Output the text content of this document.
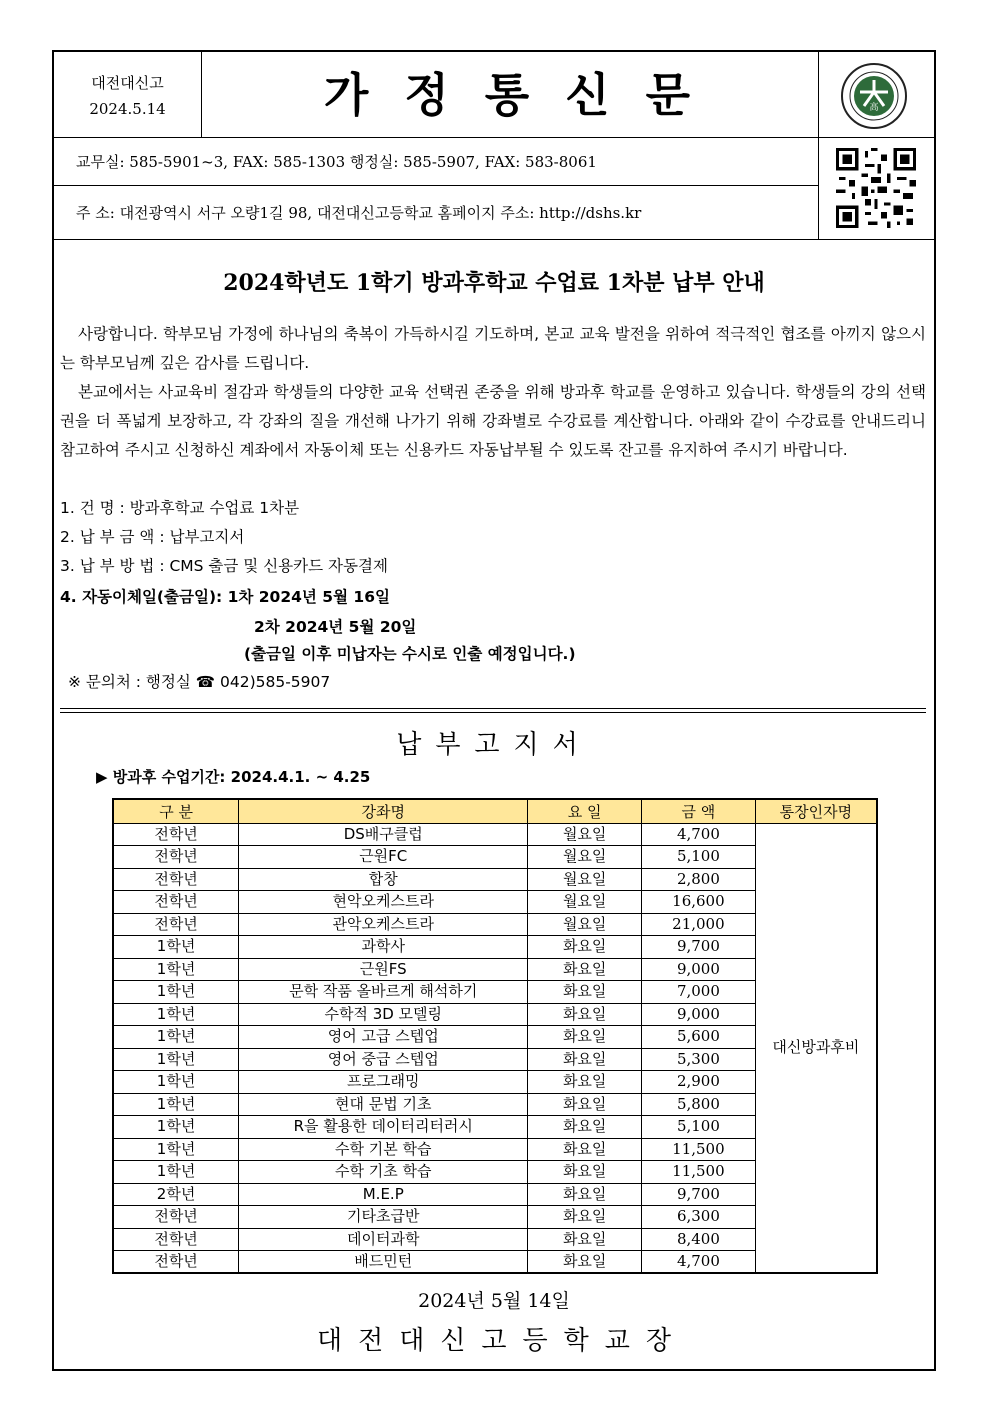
대전대신고
2024.5.14	가정통신문	高
교무실: 585-5901~3, FAX: 585-1303 행정실: 585-5907, FAX: 583-8061
주 소: 대전광역시 서구 오량1길 98, 대전대신고등학교 홈페이지 주소: http://dshs.kr
2024학년도 1학기 방과후학교 수업료 1차분 납부 안내
사랑합니다. 학부모님 가정에 하나님의 축복이 가득하시길 기도하며, 본교 교육 발전을 위하여 적극적인 협조를 아끼지 않으시는 학부모님께 깊은 감사를 드립니다.
본교에서는 사교육비 절감과 학생들의 다양한 교육 선택권 존중을 위해 방과후 학교를 운영하고 있습니다. 학생들의 강의 선택권을 더 폭넓게 보장하고, 각 강좌의 질을 개선해 나가기 위해 강좌별로 수강료를 계산합니다. 아래와 같이 수강료를 안내드리니 참고하여 주시고 신청하신 계좌에서 자동이체 또는 신용카드 자동납부될 수 있도록 잔고를 유지하여 주시기 바랍니다.
1. 건 명 : 방과후학교 수업료 1차분
2. 납 부 금 액 : 납부고지서
3. 납 부 방 법 : CMS 출금 및 신용카드 자동결제
4. 자동이체일(출금일): 1차 2024년 5월 16일
2차 2024년 5월 20일
(출금일 이후 미납자는 수시로 인출 예정입니다.)
※ 문의처 : 행정실 ☎ 042)585-5907
납부고지서
▶ 방과후 수업기간: 2024.4.1. ~ 4.25
구 분	강좌명	요 일	금 액	통장인자명
전학년	DS배구클럽	월요일	4,700	대신방과후비
전학년	근원FC	월요일	5,100	
전학년	합창	월요일	2,800	
전학년	현악오케스트라	월요일	16,600	
전학년	관악오케스트라	월요일	21,000	
1학년	과학사	화요일	9,700	
1학년	근원FS	화요일	9,000	
1학년	문학 작품 올바르게 해석하기	화요일	7,000	
1학년	수학적 3D 모델링	화요일	9,000	
1학년	영어 고급 스텝업	화요일	5,600	
1학년	영어 중급 스텝업	화요일	5,300	
1학년	프로그래밍	화요일	2,900	
1학년	현대 문법 기초	화요일	5,800	
1학년	R을 활용한 데이터리터러시	화요일	5,100	
1학년	수학 기본 학습	화요일	11,500	
1학년	수학 기초 학습	화요일	11,500	
2학년	M.E.P	화요일	9,700	
전학년	기타초급반	화요일	6,300	
전학년	데이터과학	화요일	8,400	
전학년	배드민턴	화요일	4,700	
2024년 5월 14일
대전대신고등학교장
